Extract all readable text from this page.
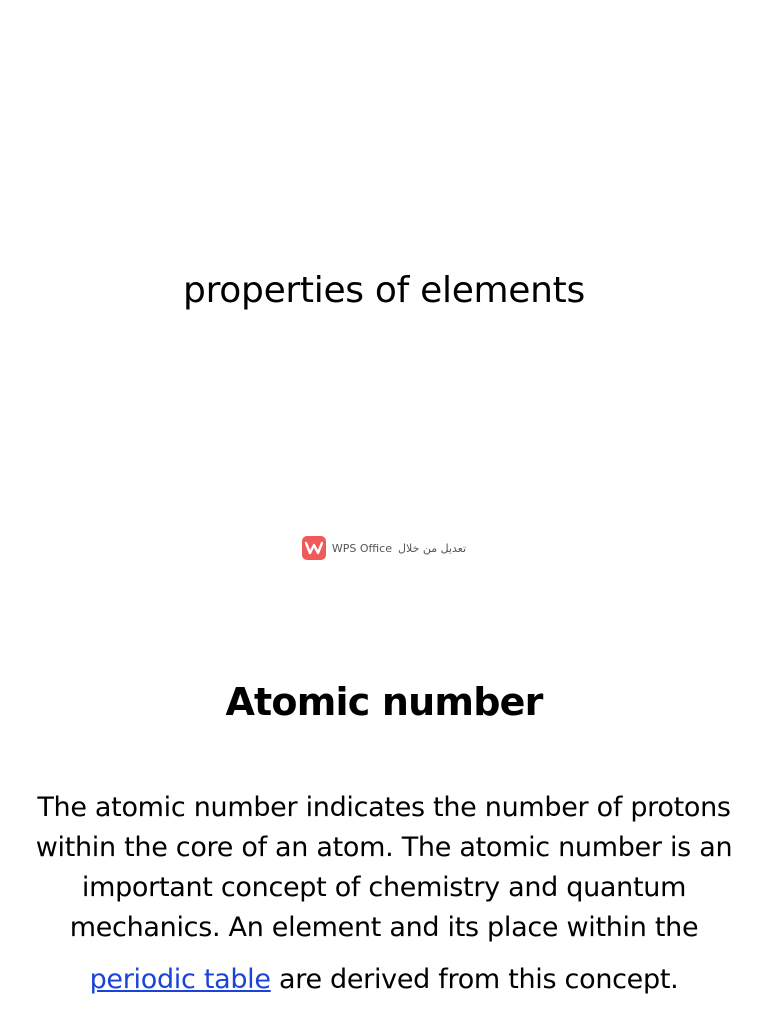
properties of elements
WPS Office تعديل من خلال
Atomic number
The atomic number indicates the number of protons
within the core of an atom. The atomic number is an
important concept of chemistry and quantum
mechanics. An element and its place within the
periodic table are derived from this concept.
